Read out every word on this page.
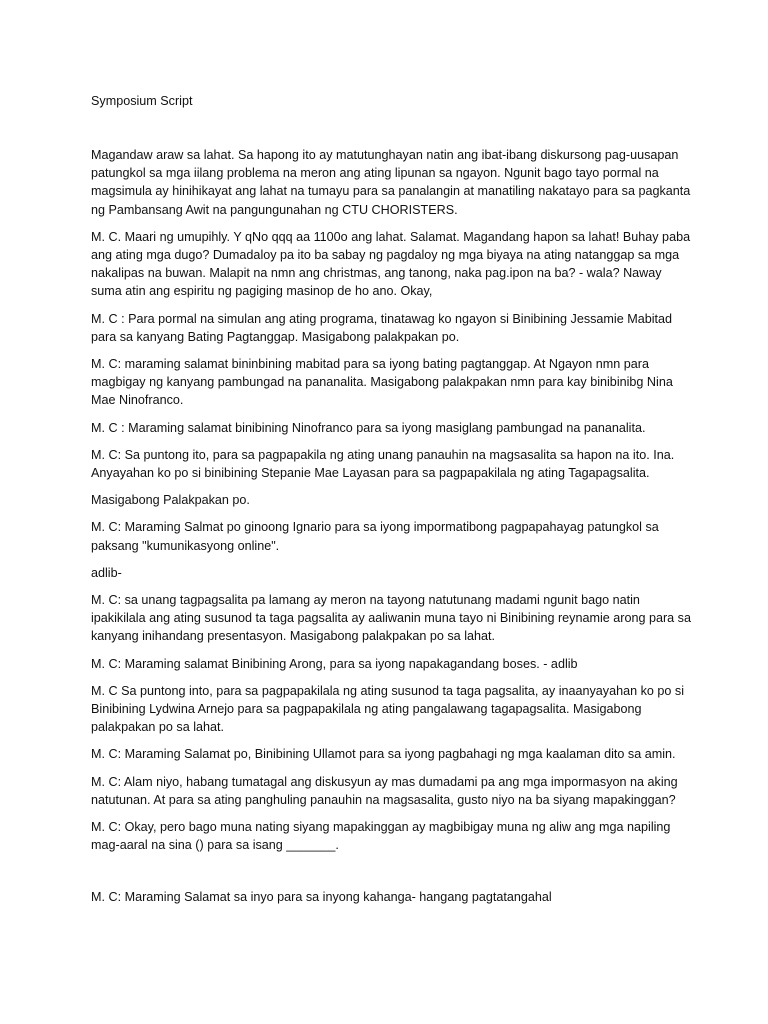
Symposium Script

Magandaw araw sa lahat. Sa hapong ito ay matutunghayan natin ang ibat-ibang diskursong pag-uusapan patungkol sa mga iilang problema na meron ang ating lipunan sa ngayon. Ngunit bago tayo pormal na magsimula ay hinihikayat ang lahat na tumayu para sa panalangin at manatiling nakatayo para sa pagkanta ng Pambansang Awit na pangungunahan ng CTU CHORISTERS.

M. C. Maari ng umupihly. Y qNo qqq aa 1100o ang lahat. Salamat. Magandang hapon sa lahat! Buhay paba ang ating mga dugo? Dumadaloy pa ito ba sabay ng pagdaloy ng mga biyaya na ating natanggap sa mga nakalipas na buwan. Malapit na nmn ang christmas, ang tanong, naka pag.ipon na ba? - wala? Naway suma atin ang espiritu ng pagiging masinop de ho ano. Okay,

M. C : Para pormal na simulan ang ating programa, tinatawag ko ngayon si Binibining Jessamie Mabitad para sa kanyang Bating Pagtanggap. Masigabong palakpakan po.

M. C: maraming salamat bininbining mabitad para sa iyong bating pagtanggap. At Ngayon nmn para magbigay ng kanyang pambungad na pananalita. Masigabong palakpakan nmn para kay binibinibg Nina Mae Ninofranco.

M. C : Maraming salamat binibining Ninofranco para sa iyong masiglang pambungad na pananalita.

M. C: Sa puntong ito, para sa pagpapakila ng ating unang panauhin na magsasalita sa hapon na ito. Ina. Anyayahan ko po si binibining Stepanie Mae Layasan para sa pagpapakilala ng ating Tagapagsalita.

Masigabong Palakpakan po.

M. C: Maraming Salmat po ginoong Ignario para sa iyong impormatibong pagpapahayag patungkol sa paksang "kumunikasyong online".

adlib-

M. C: sa unang tagpagsalita pa lamang ay meron na tayong natutunang madami ngunit bago natin ipakikilala ang ating susunod ta taga pagsalita ay aaliwanin muna tayo ni Binibining reynamie arong para sa kanyang inihandang presentasyon. Masigabong palakpakan po sa lahat.

M. C: Maraming salamat Binibining Arong, para sa iyong napakagandang boses. - adlib

M. C Sa puntong into, para sa pagpapakilala ng ating susunod ta taga pagsalita, ay inaanyayahan ko po si Binibining Lydwina Arnejo para sa pagpapakilala ng ating pangalawang tagapagsalita. Masigabong palakpakan po sa lahat.

M. C: Maraming Salamat po, Binibining Ullamot para sa iyong pagbahagi ng mga kaalaman dito sa amin.

M. C: Alam niyo, habang tumatagal ang diskusyun ay mas dumadami pa ang mga impormasyon na aking natutunan. At para sa ating panghuling panauhin na magsasalita, gusto niyo na ba siyang mapakinggan?

M. C: Okay, pero bago muna nating siyang mapakinggan ay magbibigay muna ng aliw ang mga napiling mag-aaral na sina () para sa isang _______.

M. C: Maraming Salamat sa inyo para sa inyong kahanga- hangang pagtatangahal
